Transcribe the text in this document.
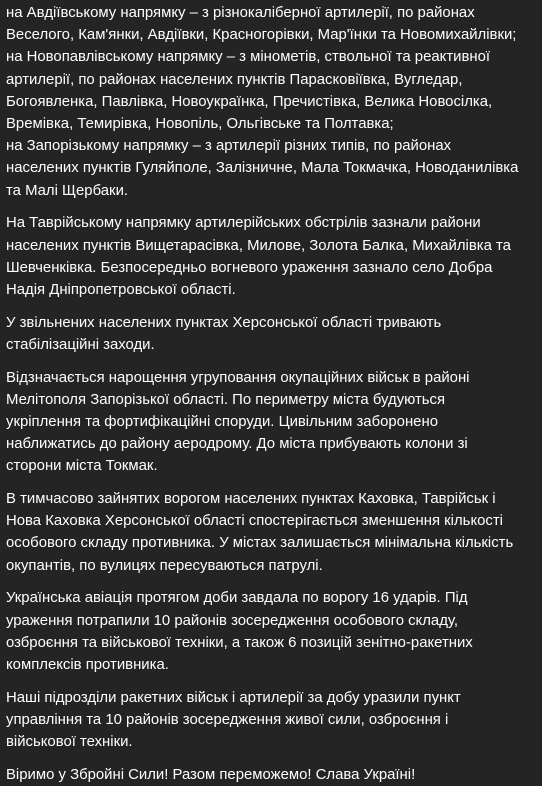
на Авдіївському напрямку – з різнокаліберної артилерії, по районах
Веселого, Кам'янки, Авдіївки, Красногорівки, Мар'їнки та Новомихайлівки;
на Новопавлівському напрямку – з мінометів, ствольної та реактивної
артилерії, по районах населених пунктів Парасковіївка, Вугледар,
Богоявленка, Павлівка, Новоукраїнка, Пречистівка, Велика Новосілка,
Времівка, Темирівка, Новопіль, Ольгівське та Полтавка;
на Запорізькому напрямку – з артилерії різних типів, по районах
населених пунктів Гуляйполе, Залізничне, Мала Токмачка, Новоданилівка
та Малі Щербаки.
На Таврійському напрямку артилерійських обстрілів зазнали райони
населених пунктів Вищетарасівка, Милове, Золота Балка, Михайлівка та
Шевченківка. Безпосередньо вогневого ураження зазнало село Добра
Надія Дніпропетровської області.
У звільнених населених пунктах Херсонської області тривають
стабілізаційні заходи.
Відзначається нарощення угруповання окупаційних військ в районі
Мелітополя Запорізької області. По периметру міста будуються
укріплення та фортифікаційні споруди. Цивільним заборонено
наближатись до району аеродрому. До міста прибувають колони зі
сторони міста Токмак.
В тимчасово зайнятих ворогом населених пунктах Каховка, Таврійськ і
Нова Каховка Херсонської області спостерігається зменшення кількості
особового складу противника. У містах залишається мінімальна кількість
окупантів, по вулицях пересуваються патрулі.
Українська авіація протягом доби завдала по ворогу 16 ударів. Під
ураження потрапили 10 районів зосередження особового складу,
озброєння та військової техніки, а також 6 позицій зенітно-ракетних
комплексів противника.
Наші підрозділи ракетних військ і артилерії за добу уразили пункт
управління та 10 районів зосередження живої сили, озброєння і
військової техніки.
Віримо у Збройні Сили! Разом переможемо! Слава Україні!
